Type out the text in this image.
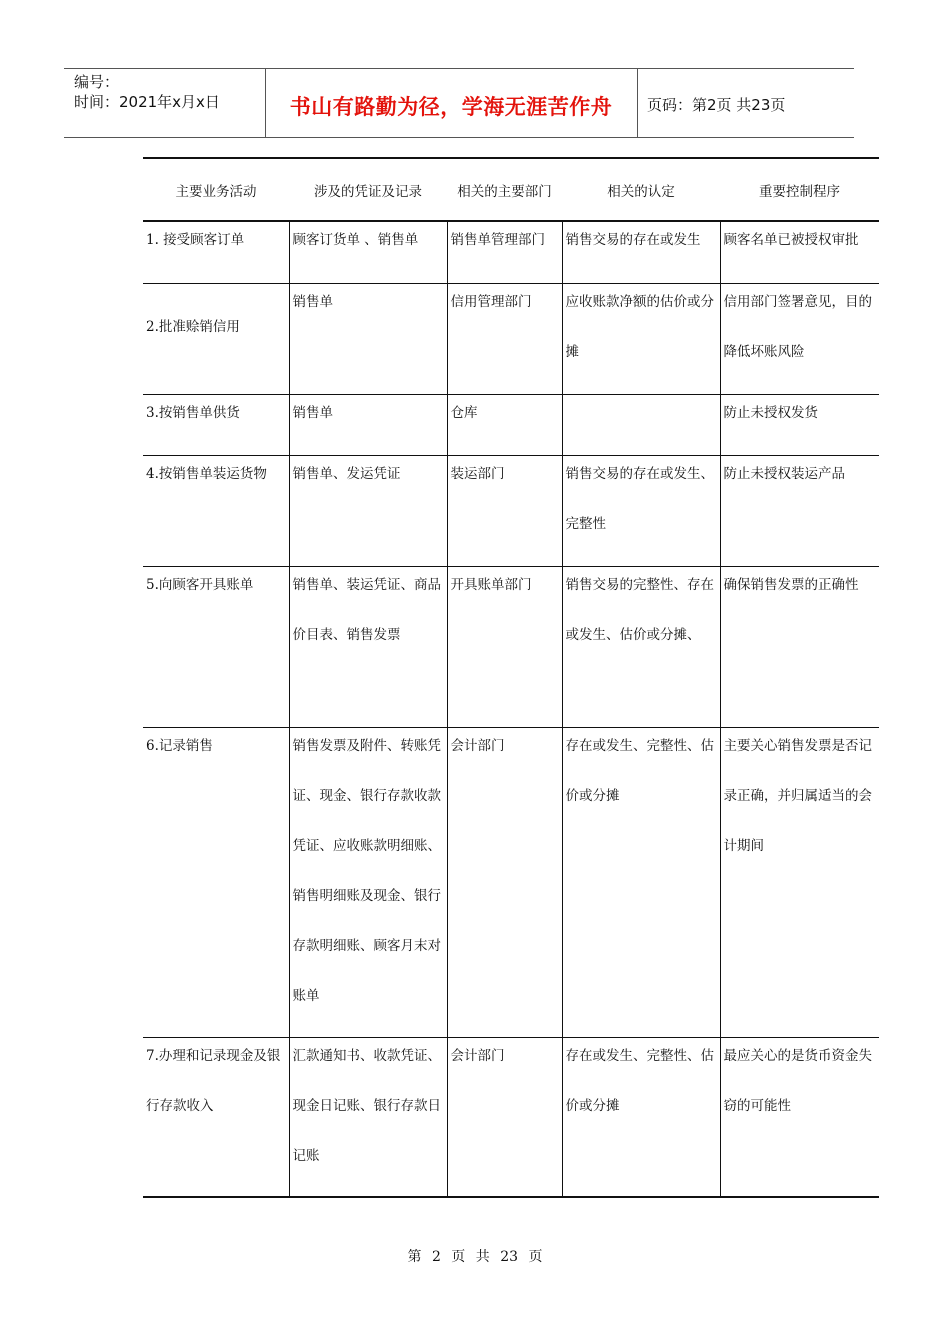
编号：
时间：2021年x月x日	书山有路勤为径，学海无涯苦作舟	页码：第2页 共23页
主要业务活动	涉及的凭证及记录	相关的主要部门	相关的认定	重要控制程序

1. 接受顾客订单	顾客订货单 、销售单	销售单管理部门	销售交易的存在或发生	顾客名单已被授权审批

2.批准赊销信用	销售单	信用管理部门	应收账款净额的估价或分摊	信用部门签署意见，目的降低坏账风险

3.按销售单供货	销售单	仓库		防止未授权发货

4.按销售单装运货物	销售单、发运凭证	装运部门	销售交易的存在或发生、完整性	防止未授权装运产品

5.向顾客开具账单	销售单、装运凭证、商品价目表、销售发票	开具账单部门	销售交易的完整性、存在或发生、估价或分摊、	确保销售发票的正确性

6.记录销售	销售发票及附件、转账凭证、现金、银行存款收款凭证、应收账款明细账、销售明细账及现金、银行存款明细账、顾客月末对账单	会计部门	存在或发生、完整性、估价或分摊	主要关心销售发票是否记录正确，并归属适当的会计期间

7.办理和记录现金及银行存款收入	汇款通知书、收款凭证、现金日记账、银行存款日记账	会计部门	存在或发生、完整性、估价或分摊	最应关心的是货币资金失窃的可能性
第 2 页 共 23 页
